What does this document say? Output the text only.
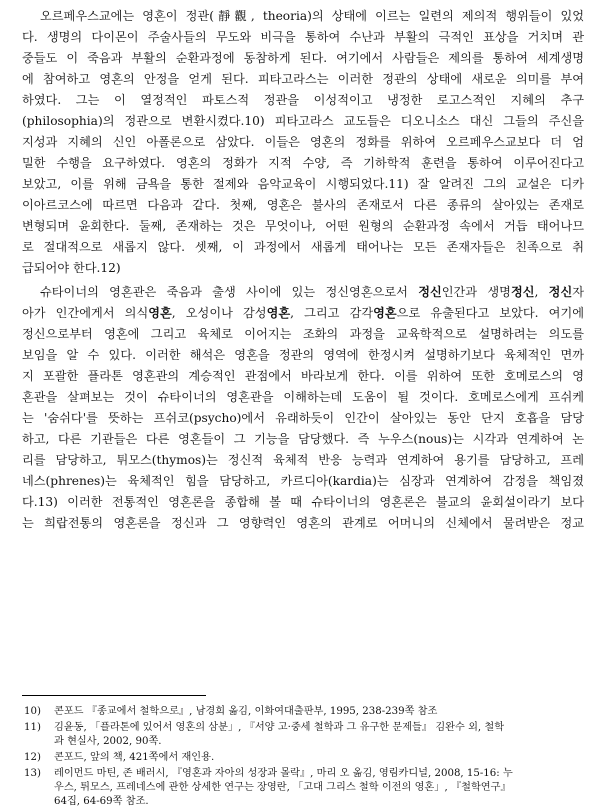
오르페우스교에는 영혼이 정관(靜觀, theoria)의 상태에 이르는 일련의 제의적 행위들이 있었
다. 생명의 다이몬이 주술사들의 무도와 비극을 통하여 수난과 부활의 극적인 표상을 거치며 관
중들도 이 죽음과 부활의 순환과정에 동참하게 된다. 여기에서 사람들은 제의를 통하여 세계생명
에 참여하고 영혼의 안정을 얻게 된다. 피타고라스는 이러한 정관의 상태에 새로운 의미를 부여
하였다. 그는 이 열정적인 파토스적 정관을 이성적이고 냉정한 로고스적인 지혜의 추구
(philosophia)의 정관으로 변환시켰다.10) 피타고라스 교도들은 디오니소스 대신 그들의 주신을
지성과 지혜의 신인 아폴론으로 삼았다. 이들은 영혼의 정화를 위하여 오르페우스교보다 더 엄
밀한 수행을 요구하였다. 영혼의 정화가 지적 수양, 즉 기하학적 훈련을 통하여 이루어진다고
보았고, 이를 위해 금욕을 통한 절제와 음악교육이 시행되었다.11) 잘 알려진 그의 교설은 디카
이아르코스에 따르면 다음과 같다. 첫째, 영혼은 불사의 존재로서 다른 종류의 살아있는 존재로
변형되며 윤회한다. 둘째, 존재하는 것은 무엇이나, 어떤 원형의 순환과정 속에서 거듭 태어나므
로 절대적으로 새롭지 않다. 셋째, 이 과정에서 새롭게 태어나는 모든 존재자들은 친족으로 취
급되어야 한다.12)
슈타이너의 영혼관은 죽음과 출생 사이에 있는 정신영혼으로서 정신인간과 생명정신, 정신자
아가 인간에게서 의식영혼, 오성이나 감성영혼, 그리고 감각영혼으로 유출된다고 보았다. 여기에
정신으로부터 영혼에 그리고 육체로 이어지는 조화의 과정을 교육학적으로 설명하려는 의도를
보임을 알 수 있다. 이러한 해석은 영혼을 정관의 영역에 한정시켜 설명하기보다 육체적인 면까
지 포괄한 플라톤 영혼관의 계승적인 관점에서 바라보게 한다. 이를 위하여 또한 호메로스의 영
혼관을 살펴보는 것이 슈타이너의 영혼관을 이해하는데 도움이 될 것이다. 호메로스에게 프쉬케
는 '숨쉬다'를 뜻하는 프쉬코(psycho)에서 유래하듯이 인간이 살아있는 동안 단지 호흡을 담당
하고, 다른 기관들은 다른 영혼들이 그 기능을 담당했다. 즉 누우스(nous)는 시각과 연계하여 논
리를 담당하고, 튀모스(thymos)는 정신적 육체적 반응 능력과 연계하여 용기를 담당하고, 프레
네스(phrenes)는 육체적인 힘을 담당하고, 카르디아(kardia)는 심장과 연계하여 감정을 책임졌
다.13) 이러한 전통적인 영혼론을 종합해 볼 때 슈타이너의 영혼론은 불교의 윤회설이라기 보다
는 희랍전통의 영혼론을 정신과 그 영향력인 영혼의 관계로 어머니의 신체에서 물려받은 정교
10) 콘포드 『종교에서 철학으로』, 남경희 옮김, 이화여대출판부, 1995, 238-239쪽 참조
11) 김윤동, 「플라톤에 있어서 영혼의 삼분」, 『서양 고·중세 철학과 그 유구한 문제들』 김완수 외, 철학
과 현실사, 2002, 90쪽.
12) 콘포드, 앞의 책, 421쪽에서 재인용.
13) 레이먼드 마틴, 존 배러시, 『영혼과 자아의 성장과 몰락』, 마리 오 옮김, 영림카디널, 2008, 15-16: 누
우스, 튀모스, 프레네스에 관한 상세한 연구는 장영란, 「고대 그리스 철학 이전의 영혼」, 『철학연구』
64집, 64-69쪽 참조.
